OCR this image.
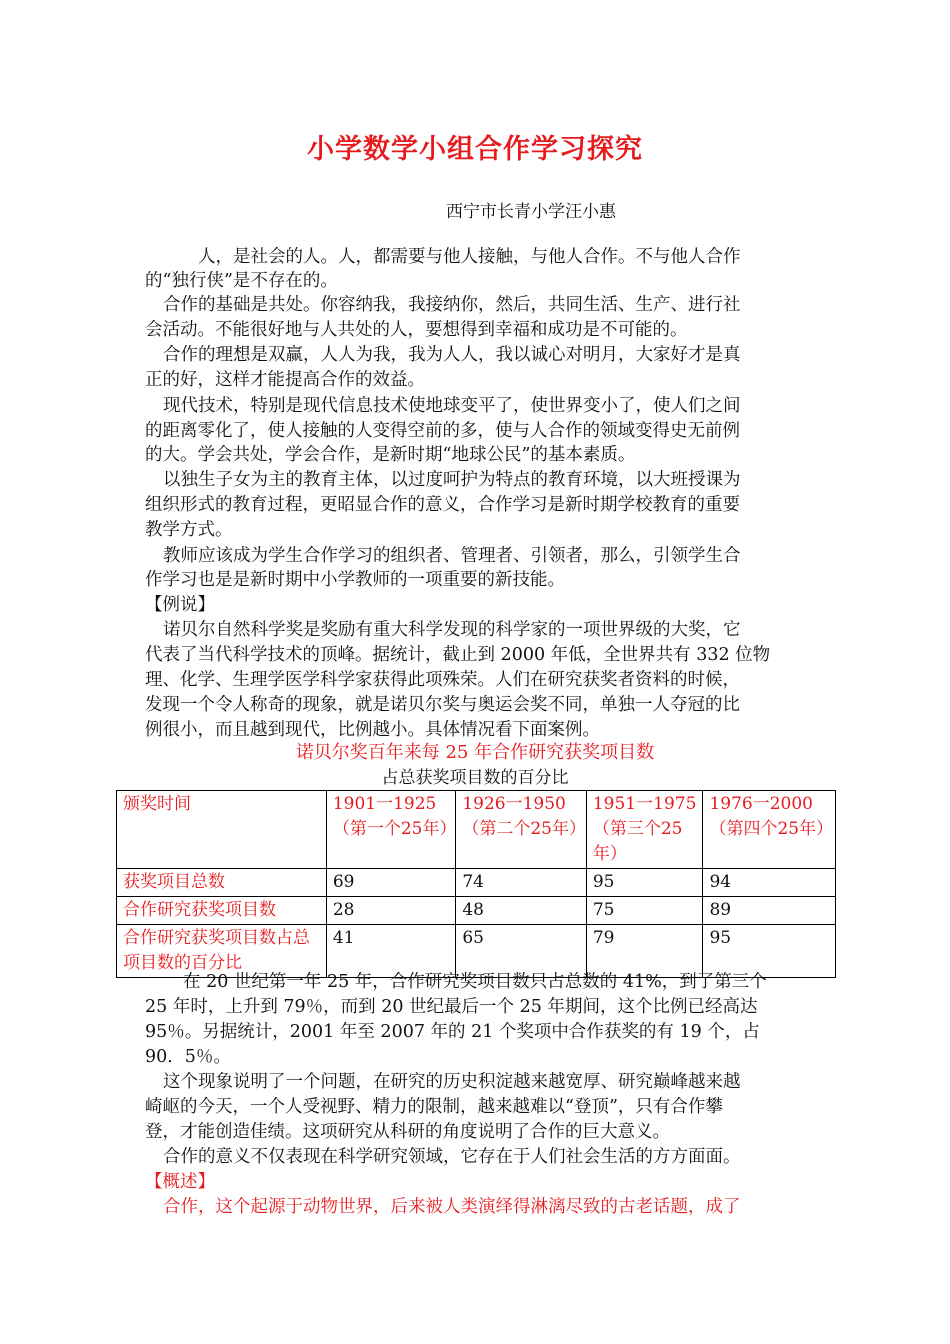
小学数学小组合作学习探究
西宁市长青小学汪小惠
人，是社会的人。人，都需要与他人接触，与他人合作。不与他人合作
的“独行侠”是不存在的。
合作的基础是共处。你容纳我，我接纳你，然后，共同生活、生产、进行社
会活动。不能很好地与人共处的人，要想得到幸福和成功是不可能的。
合作的理想是双赢，人人为我，我为人人，我以诚心对明月，大家好才是真
正的好，这样才能提高合作的效益。
现代技术，特别是现代信息技术使地球变平了，使世界变小了，使人们之间
的距离零化了，使人接触的人变得空前的多，使与人合作的领域变得史无前例
的大。学会共处，学会合作，是新时期“地球公民”的基本素质。
以独生子女为主的教育主体，以过度呵护为特点的教育环境，以大班授课为
组织形式的教育过程，更昭显合作的意义，合作学习是新时期学校教育的重要
教学方式。
教师应该成为学生合作学习的组织者、管理者、引领者，那么，引领学生合
作学习也是是新时期中小学教师的一项重要的新技能。
【例说】
诺贝尔自然科学奖是奖励有重大科学发现的科学家的一项世界级的大奖，它
代表了当代科学技术的顶峰。据统计，截止到 2000 年低，全世界共有 332 位物
理、化学、生理学医学科学家获得此项殊荣。人们在研究获奖者资料的时候，
发现一个令人称奇的现象，就是诺贝尔奖与奥运会奖不同，单独一人夺冠的比
例很小，而且越到现代，比例越小。具体情况看下面案例。
诺贝尔奖百年来每 25 年合作研究获奖项目数
占总获奖项目数的百分比
颁奖时间	1901一1925（第一个25年）	1926一1950（第二个25年）	1951一1975（第三个25年）	1976一2000（第四个25年）
获奖项目总数	69	74	95	94
合作研究获奖项目数	28	48	75	89
合作研究获奖项目数占总项目数的百分比	41	65	79	95
在 20 世纪第一年 25 年，合作研究奖项目数只占总数的 41%，到了第三个
25 年时，上升到 79％，而到 20 世纪最后一个 25 年期间，这个比例已经高达
95％。另据统计，2001 年至 2007 年的 21 个奖项中合作获奖的有 19 个，占
90．5％。
这个现象说明了一个问题，在研究的历史积淀越来越宽厚、研究巅峰越来越
崎岖的今天，一个人受视野、精力的限制，越来越难以“登顶”，只有合作攀
登，才能创造佳绩。这项研究从科研的角度说明了合作的巨大意义。
合作的意义不仅表现在科学研究领域，它存在于人们社会生活的方方面面。
【概述】
合作，这个起源于动物世界，后来被人类演绎得淋漓尽致的古老话题，成了
